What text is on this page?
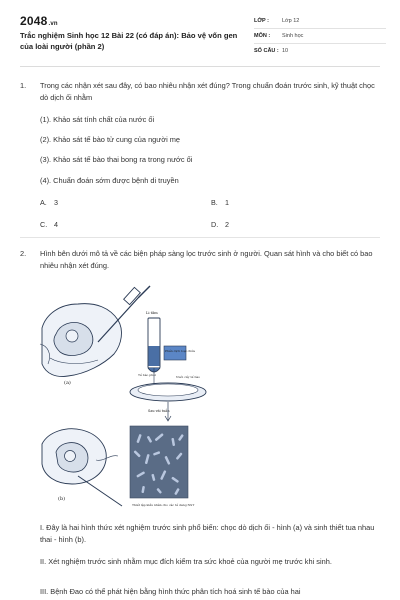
2048.vn
Trắc nghiệm Sinh học 12 Bài 22 (có đáp án): Bảo vệ vốn gen của loài người (phần 2)
LỚP :	Lớp 12
MÔN :	Sinh học
SỐ CÂU : 10
1. Trong các nhận xét sau đây, có bao nhiêu nhận xét đúng? Trong chuẩn đoán trước sinh, kỹ thuật chọc dò dịch ối nhằm
(1). Khảo sát tính chất của nước ối
(2). Khảo sát tế bào tử cung của người mẹ
(3). Khảo sát tế bào thai bong ra trong nước ối
(4). Chuẩn đoán sớm được bệnh di truyền
A. 3	B. 1
C. 4	D. 2
2. Hình bên dưới mô tả về các biện pháp sàng lọc trước sinh ở người. Quan sát hình và cho biết có bao nhiêu nhận xét đúng.
(a)
Li tâm
Phần dịch loại chứa
Tế bào phôi	Nuôi cấy tế bào
Sau vài tuần
(b)
Thiết lập kiểu nhân cho các tế dang NST
I. Đây là hai hình thức xét nghiệm trước sinh phổ biến: chọc dò dịch ối - hình (a) và sinh thiết tua nhau thai - hình (b).
II. Xét nghiệm trước sinh nhằm mục đích kiểm tra sức khoẻ của người mẹ trước khi sinh.
III. Bệnh Đao có thể phát hiện bằng hình thức phân tích hoá sinh tế bào của hai
